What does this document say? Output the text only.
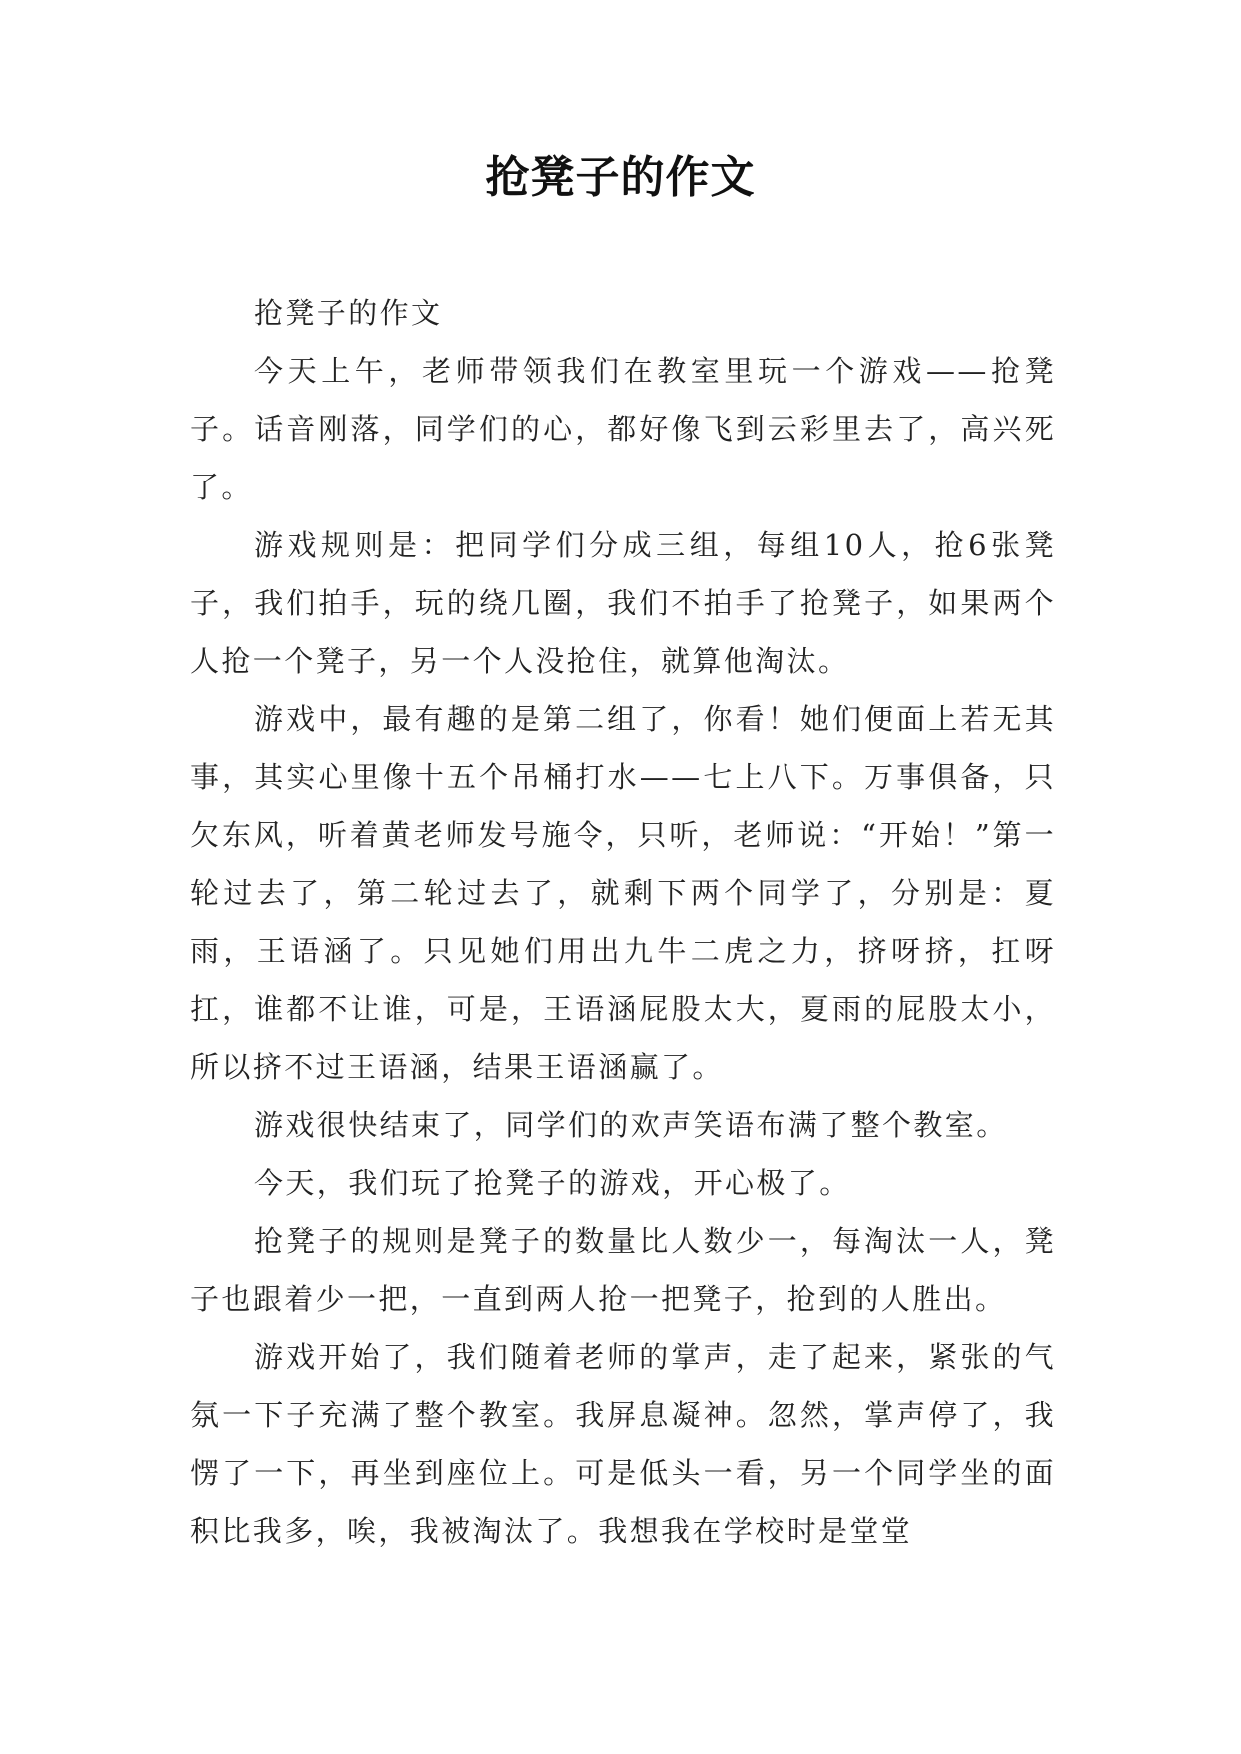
抢凳子的作文

抢凳子的作文

今天上午，老师带领我们在教室里玩一个游戏——抢凳子。话音刚落，同学们的心，都好像飞到云彩里去了，高兴死了。

游戏规则是：把同学们分成三组，每组10人，抢6张凳子，我们拍手，玩的绕几圈，我们不拍手了抢凳子，如果两个人抢一个凳子，另一个人没抢住，就算他淘汰。

游戏中，最有趣的是第二组了，你看！她们便面上若无其事，其实心里像十五个吊桶打水——七上八下。万事俱备，只欠东风，听着黄老师发号施令，只听，老师说：“开始！”第一轮过去了，第二轮过去了，就剩下两个同学了，分别是：夏雨，王语涵了。只见她们用出九牛二虎之力，挤呀挤，扛呀扛，谁都不让谁，可是，王语涵屁股太大，夏雨的屁股太小，所以挤不过王语涵，结果王语涵赢了。

游戏很快结束了，同学们的欢声笑语布满了整个教室。

今天，我们玩了抢凳子的游戏，开心极了。

抢凳子的规则是凳子的数量比人数少一，每淘汰一人，凳子也跟着少一把，一直到两人抢一把凳子，抢到的人胜出。

游戏开始了，我们随着老师的掌声，走了起来，紧张的气氛一下子充满了整个教室。我屏息凝神。忽然，掌声停了，我愣了一下，再坐到座位上。可是低头一看，另一个同学坐的面积比我多，唉，我被淘汰了。我想我在学校时是堂堂
